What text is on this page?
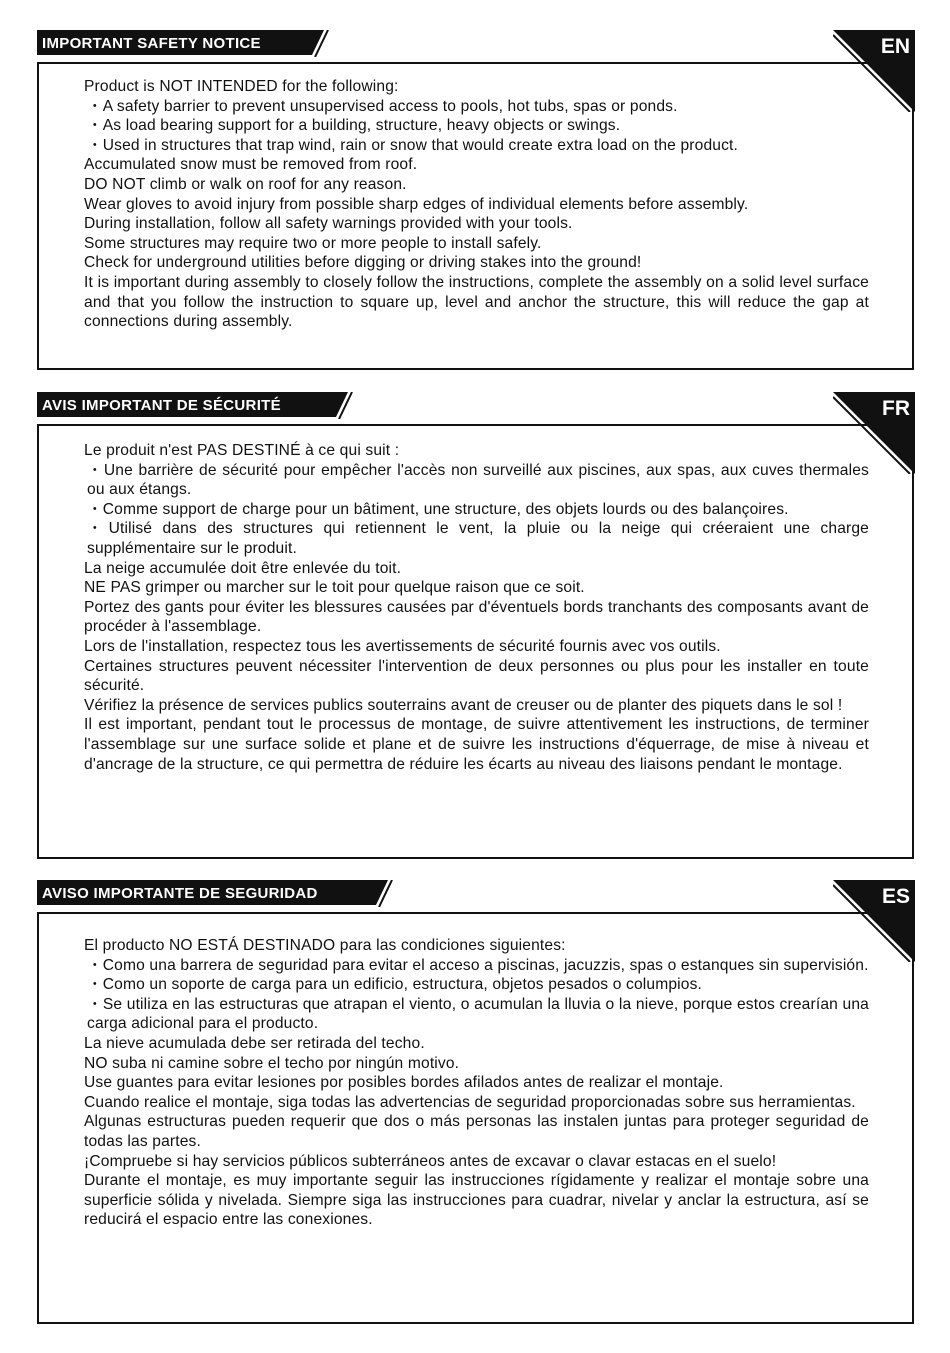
IMPORTANT SAFETY NOTICE	EN

Product is NOT INTENDED for the following:

・A safety barrier to prevent unsupervised access to pools, hot tubs, spas or ponds.

・As load bearing support for a building, structure, heavy objects or swings.

・Used in structures that trap wind, rain or snow that would create extra load on the product.

Accumulated snow must be removed from roof.

DO NOT climb or walk on roof for any reason.

Wear gloves to avoid injury from possible sharp edges of individual elements before assembly.

During installation, follow all safety warnings provided with your tools.

Some structures may require two or more people to install safely.

Check for underground utilities before digging or driving stakes into the ground!

It is important during assembly to closely follow the instructions, complete the assembly on a solid level surface and that you follow the instruction to square up, level and anchor the structure, this will reduce the gap at connections during assembly.

AVIS IMPORTANT DE SÉCURITÉ	FR

Le produit n'est PAS DESTINÉ à ce qui suit :

・Une barrière de sécurité pour empêcher l'accès non surveillé aux piscines, aux spas, aux cuves thermales ou aux étangs.

・Comme support de charge pour un bâtiment, une structure, des objets lourds ou des balançoires.

・Utilisé dans des structures qui retiennent le vent, la pluie ou la neige qui créeraient une charge supplémentaire sur le produit.

La neige accumulée doit être enlevée du toit.

NE PAS grimper ou marcher sur le toit pour quelque raison que ce soit.

Portez des gants pour éviter les blessures causées par d'éventuels bords tranchants des composants avant de procéder à l'assemblage.

Lors de l'installation, respectez tous les avertissements de sécurité fournis avec vos outils.

Certaines structures peuvent nécessiter l'intervention de deux personnes ou plus pour les installer en toute sécurité.

Vérifiez la présence de services publics souterrains avant de creuser ou de planter des piquets dans le sol !

Il est important, pendant tout le processus de montage, de suivre attentivement les instructions, de terminer l'assemblage sur une surface solide et plane et de suivre les instructions d'équerrage, de mise à niveau et d'ancrage de la structure, ce qui permettra de réduire les écarts au niveau des liaisons pendant le montage.

AVISO IMPORTANTE DE SEGURIDAD	ES

El producto NO ESTÁ DESTINADO para las condiciones siguientes:

・Como una barrera de seguridad para evitar el acceso a piscinas, jacuzzis, spas o estanques sin supervisión.

・Como un soporte de carga para un edificio, estructura, objetos pesados o columpios.

・Se utiliza en las estructuras que atrapan el viento, o acumulan la lluvia o la nieve, porque estos crearían una carga adicional para el producto.

La nieve acumulada debe ser retirada del techo.

NO suba ni camine sobre el techo por ningún motivo.

Use guantes para evitar lesiones por posibles bordes afilados antes de realizar el montaje.

Cuando realice el montaje, siga todas las advertencias de seguridad proporcionadas sobre sus herramientas.

Algunas estructuras pueden requerir que dos o más personas las instalen juntas para proteger seguridad de todas las partes.

¡Compruebe si hay servicios públicos subterráneos antes de excavar o clavar estacas en el suelo!

Durante el montaje, es muy importante seguir las instrucciones rígidamente y realizar el montaje sobre una superficie sólida y nivelada. Siempre siga las instrucciones para cuadrar, nivelar y anclar la estructura, así se reducirá el espacio entre las conexiones.
